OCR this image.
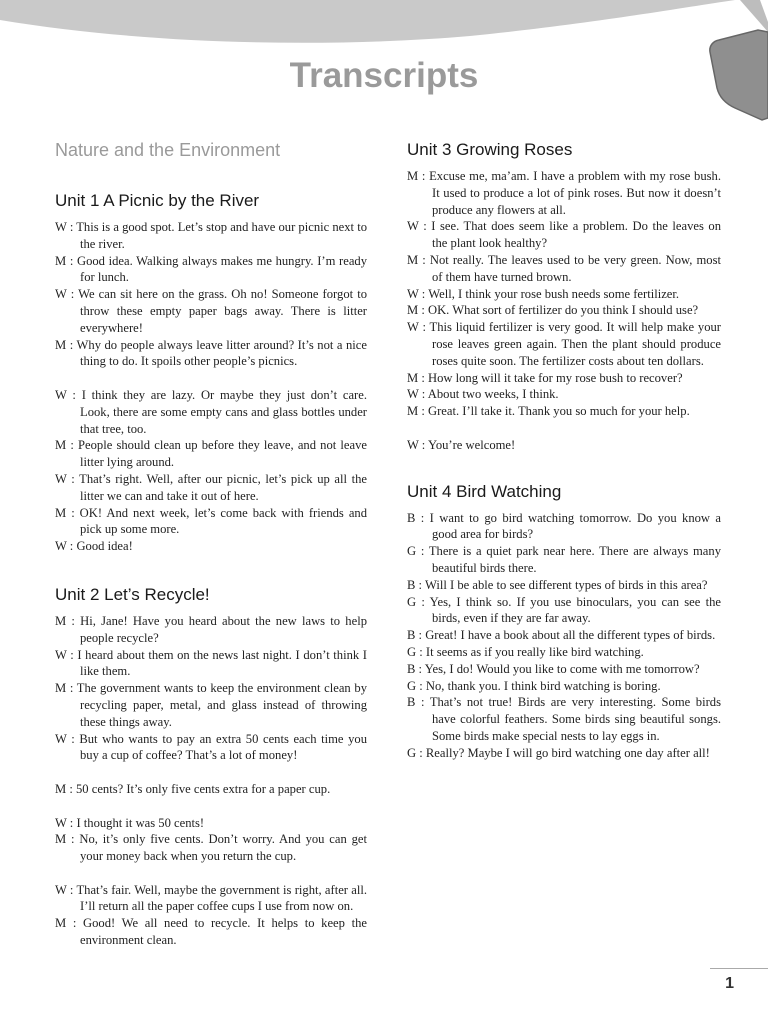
Transcripts
Nature and the Environment
Unit 1 A Picnic by the River

W : This is a good spot. Let’s stop and have our picnic next to the river.

M : Good idea. Walking always makes me hungry. I’m ready for lunch.

W : We can sit here on the grass. Oh no! Someone forgot to throw these empty paper bags away. There is litter everywhere!

M : Why do people always leave litter around? It’s not a nice thing to do. It spoils other people’s picnics.

W : I think they are lazy. Or maybe they just don’t care. Look, there are some empty cans and glass bottles under that tree, too.

M : People should clean up before they leave, and not leave litter lying around.

W : That’s right. Well, after our picnic, let’s pick up all the litter we can and take it out of here.

M : OK! And next week, let’s come back with friends and pick up some more.

W : Good idea!

Unit 2 Let’s Recycle!

M : Hi, Jane! Have you heard about the new laws to help people recycle?

W : I heard about them on the news last night. I don’t think I like them.

M : The government wants to keep the environment clean by recycling paper, metal, and glass instead of throwing these things away.

W : But who wants to pay an extra 50 cents each time you buy a cup of coffee? That’s a lot of money!

M : 50 cents? It’s only five cents extra for a paper cup.

W : I thought it was 50 cents!

M : No, it’s only five cents. Don’t worry. And you can get your money back when you return the cup.

W : That’s fair. Well, maybe the government is right, after all. I’ll return all the paper coffee cups I use from now on.

M : Good! We all need to recycle. It helps to keep the environment clean.

Unit 3 Growing Roses

M : Excuse me, ma’am. I have a problem with my rose bush. It used to produce a lot of pink roses. But now it doesn’t produce any flowers at all.

W : I see. That does seem like a problem. Do the leaves on the plant look healthy?

M : Not really. The leaves used to be very green. Now, most of them have turned brown.

W : Well, I think your rose bush needs some fertilizer.

M : OK. What sort of fertilizer do you think I should use?

W : This liquid fertilizer is very good. It will help make your rose leaves green again. Then the plant should produce roses quite soon. The fertilizer costs about ten dollars.

M : How long will it take for my rose bush to recover?

W : About two weeks, I think.

M : Great. I’ll take it. Thank you so much for your help.

W : You’re welcome!

Unit 4 Bird Watching

B : I want to go bird watching tomorrow. Do you know a good area for birds?

G : There is a quiet park near here. There are always many beautiful birds there.

B : Will I be able to see different types of birds in this area?

G : Yes, I think so. If you use binoculars, you can see the birds, even if they are far away.

B : Great! I have a book about all the different types of birds.

G : It seems as if you really like bird watching.

B : Yes, I do! Would you like to come with me tomorrow?

G : No, thank you. I think bird watching is boring.

B : That’s not true! Birds are very interesting. Some birds have colorful feathers. Some birds sing beautiful songs. Some birds make special nests to lay eggs in.

G : Really? Maybe I will go bird watching one day after all!

1
